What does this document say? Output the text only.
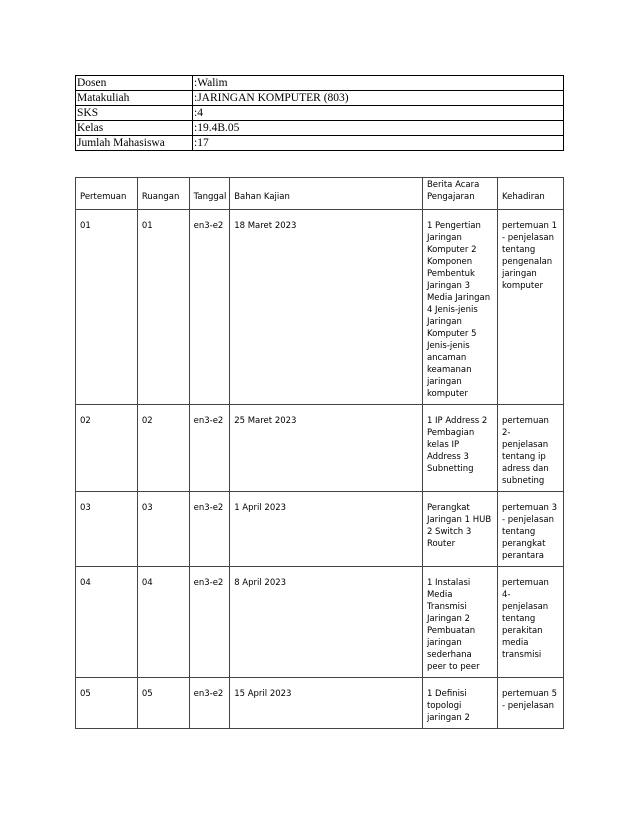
Dosen	: Walim
Matakuliah	: JARINGAN KOMPUTER (803)
SKS	: 4
Kelas	: 19.4B.05
Jumlah Mahasiswa	: 17
Pertemuan	Ruangan	Tanggal	Bahan Kajian	Berita Acara Pengajaran	Kehadiran
01	01	en3-e2	18 Maret 2023	1 Pengertian Jaringan Komputer 2 Komponen Pembentuk Jaringan 3 Media Jaringan 4 Jenis-jenis Jaringan Komputer 5 Jenis-jenis ancaman keamanan jaringan komputer	pertemuan 1 - penjelasan tentang pengenalan jaringan komputer
02	02	en3-e2	25 Maret 2023	1 IP Address 2 Pembagian kelas IP Address 3 Subnetting	pertemuan 2- penjelasan tentang ip adress dan subneting
03	03	en3-e2	1 April 2023	Perangkat Jaringan 1 HUB 2 Switch 3 Router	pertemuan 3 - penjelasan tentang perangkat perantara
04	04	en3-e2	8 April 2023	1 Instalasi Media Transmisi Jaringan 2 Pembuatan jaringan sederhana peer to peer	pertemuan 4- penjelasan tentang perakitan media transmisi
05	05	en3-e2	15 April 2023	1 Definisi topologi jaringan 2	pertemuan 5 - penjelasan
